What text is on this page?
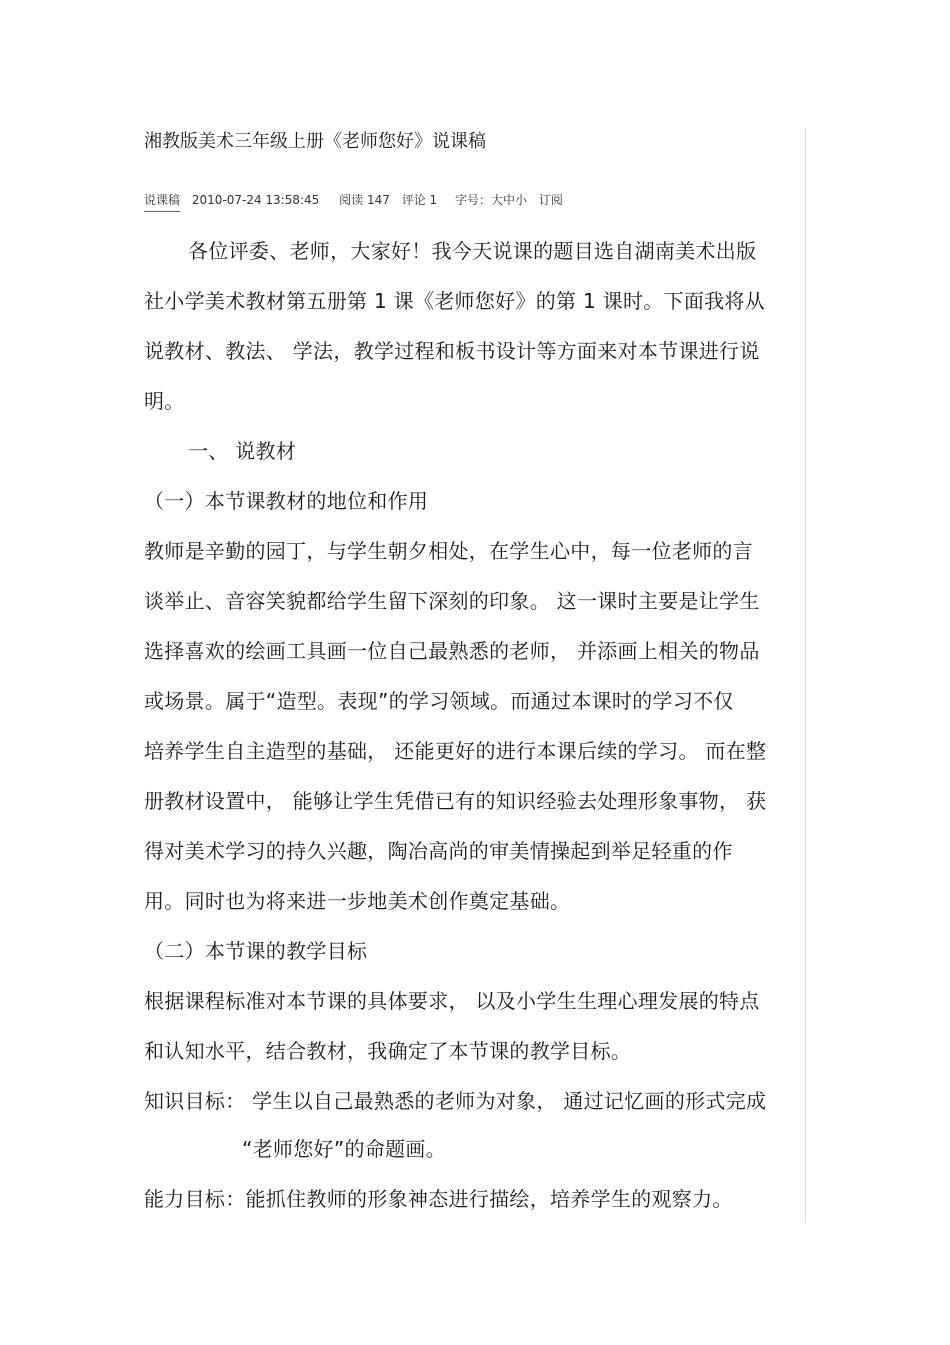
湘教版美术三年级上册《老师您好》说课稿
说课稿 2010-07-24 13:58:45 阅读 147 评论 1 字号：大中小 订阅
各位评委、老师，大家好！我今天说课的题目选自湖南美术出版
社小学美术教材第五册第 1 课《老师您好》的第 1 课时。下面我将从
说教材、教法、 学法，教学过程和板书设计等方面来对本节课进行说
明。
一、 说教材
（一）本节课教材的地位和作用
教师是辛勤的园丁，与学生朝夕相处，在学生心中，每一位老师的言
谈举止、音容笑貌都给学生留下深刻的印象。 这一课时主要是让学生
选择喜欢的绘画工具画一位自己最熟悉的老师， 并添画上相关的物品
或场景。属于“造型。表现”的学习领域。而通过本课时的学习不仅
培养学生自主造型的基础， 还能更好的进行本课后续的学习。 而在整
册教材设置中， 能够让学生凭借已有的知识经验去处理形象事物， 获
得对美术学习的持久兴趣，陶冶高尚的审美情操起到举足轻重的作
用。同时也为将来进一步地美术创作奠定基础。
（二）本节课的教学目标
根据课程标准对本节课的具体要求， 以及小学生生理心理发展的特点
和认知水平，结合教材，我确定了本节课的教学目标。
知识目标： 学生以自己最熟悉的老师为对象， 通过记忆画的形式完成
“老师您好”的命题画。
能力目标：能抓住教师的形象神态进行描绘，培养学生的观察力。
